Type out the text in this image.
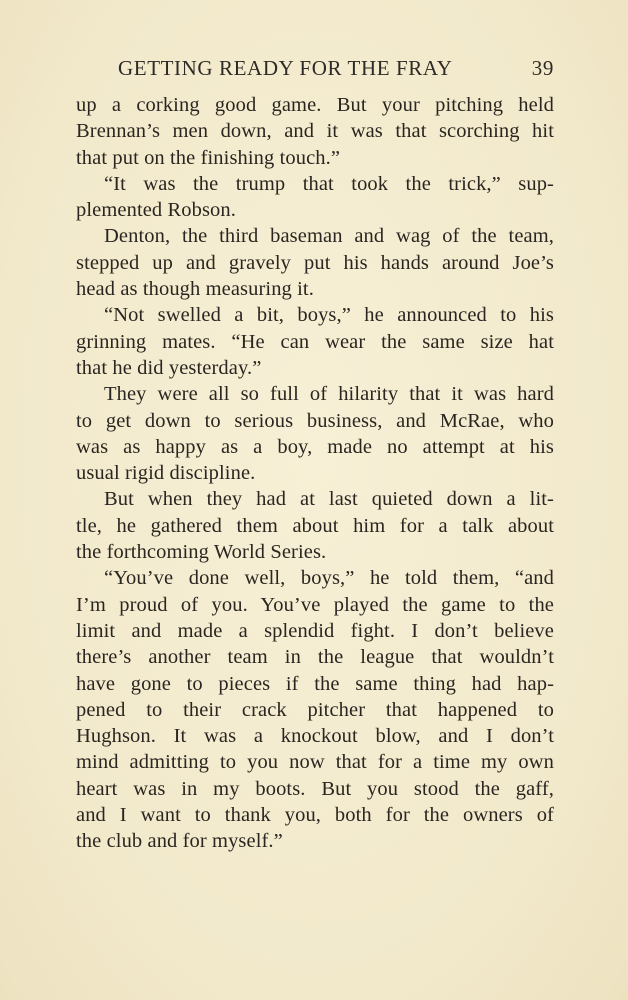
GETTING READY FOR THE FRAY	39
up a corking good game. But your pitching held
Brennan’s men down, and it was that scorching hit
that put on the finishing touch.”
“It was the trump that took the trick,” sup-
plemented Robson.
Denton, the third baseman and wag of the team,
stepped up and gravely put his hands around Joe’s
head as though measuring it.
“Not swelled a bit, boys,” he announced to his
grinning mates. “He can wear the same size hat
that he did yesterday.”
They were all so full of hilarity that it was hard
to get down to serious business, and McRae, who
was as happy as a boy, made no attempt at his
usual rigid discipline.
But when they had at last quieted down a lit-
tle, he gathered them about him for a talk about
the forthcoming World Series.
“You’ve done well, boys,” he told them, “and
I’m proud of you. You’ve played the game to the
limit and made a splendid fight. I don’t believe
there’s another team in the league that wouldn’t
have gone to pieces if the same thing had hap-
pened to their crack pitcher that happened to
Hughson. It was a knockout blow, and I don’t
mind admitting to you now that for a time my own
heart was in my boots. But you stood the gaff,
and I want to thank you, both for the owners of
the club and for myself.”
